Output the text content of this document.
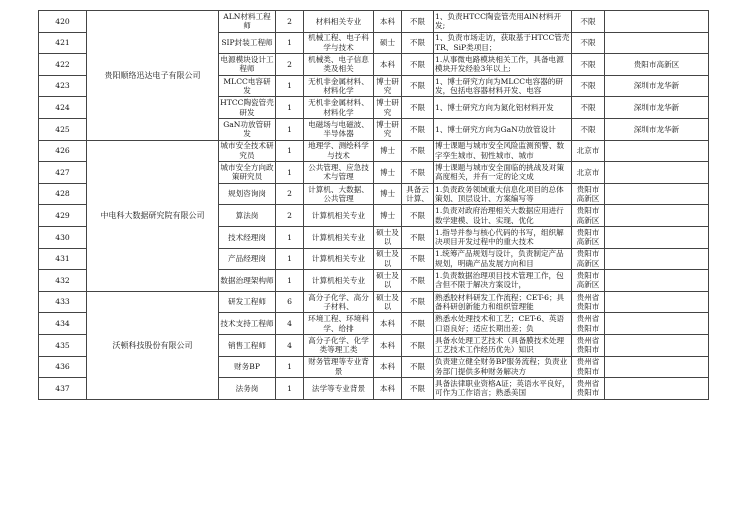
420	贵阳顺络迅达电子有限公司	ALN材料工程师	2	材料相关专业	本科	不限	1、负责HTCC陶瓷管壳用AlN材料开发;	不限

421		SIP封装工程师	1	机械工程、电子科学与技术	硕士	不限	1、负责市场走访，获取基于HTCC管壳TR、SiP类项目；	不限

422		电源模块设计工程师	2	机械类、电子信息类及相关	本科	不限	1.从事微电路模块相关工作，具备电源模块开发经验3年以上;	不限	贵阳市高新区

423		MLCC电容研发	1	无机非金属材料、材料化学	博士研究	不限	1、博士研究方向为MLCC电容器的研发，包括电容器材料开发、电容	不限	深圳市龙华新

424		HTCC陶瓷管壳研发	1	无机非金属材料、材料化学	博士研究	不限	1、博士研究方向为氮化铝材料开发	不限	深圳市龙华新

425		GaN功放管研发	1	电磁场与电磁波、半导体器	博士研究	不限	1、博士研究方向为GaN功放管设计	不限	深圳市龙华新

426	中电科大数据研究院有限公司	城市安全技术研究员	1	地理学、测绘科学与技术	博士	不限	博士课题与城市安全风险监测预警、数字孪生城市、韧性城市、城市	北京市

427		城市安全方向政策研究员	1	公共管理、应急技术与管理	博士	不限	博士课题与城市安全面临的挑战及对策高度相关，并有一定的论文成	北京市

428		规划咨询岗	2	计算机、大数据、公共管理	博士	具备云计算、	1.负责政务领域重大信息化项目的总体策划、顶层设计、方案编写等	贵阳市高新区

429		算法岗	2	计算机相关专业	博士	不限	1.负责对政府治理相关大数据应用进行数学建模、设计、实现、优化	贵阳市高新区

430		技术经理岗	1	计算机相关专业	硕士及以	不限	1.指导并参与核心代码的书写，组织解决项目开发过程中的重大技术	贵阳市高新区

431		产品经理岗	1	计算机相关专业	硕士及以	不限	1.统筹产品规划与设计，负责制定产品规划，明确产品发展方向和目	贵阳市高新区

432		数据治理架构师	1	计算机相关专业	硕士及以	不限	1.负责数据治理项目技术管理工作，包含但不限于解决方案设计，	贵阳市高新区

433	沃顿科技股份有限公司	研发工程师	6	高分子化学、高分子材料、	硕士及以	不限	熟悉胶材料研发工作流程；CET-6；具备科研创新能力和组织管理能	贵州省贵阳市

434		技术支持工程师	4	环境工程、环境科学、给排	本科	不限	熟悉水处理技术和工艺；CET-6、英语口语良好；适应长期出差；负	贵州省贵阳市

435		销售工程师	4	高分子化学、化学类等理工类	本科	不限	具备水处理工艺技术（具备膜技术处理工艺技术工作经历优先）知识	贵州省贵阳市

436		财务BP	1	财务管理等专业背景	本科	不限	负责建立健全财务BP服务流程；负责业务部门提供多种财务解决方	贵州省贵阳市

437		法务岗	1	法学等专业背景	本科	不限	具备法律职业资格A证；英语水平良好，可作为工作语言；熟悉美国	贵州省贵阳市
